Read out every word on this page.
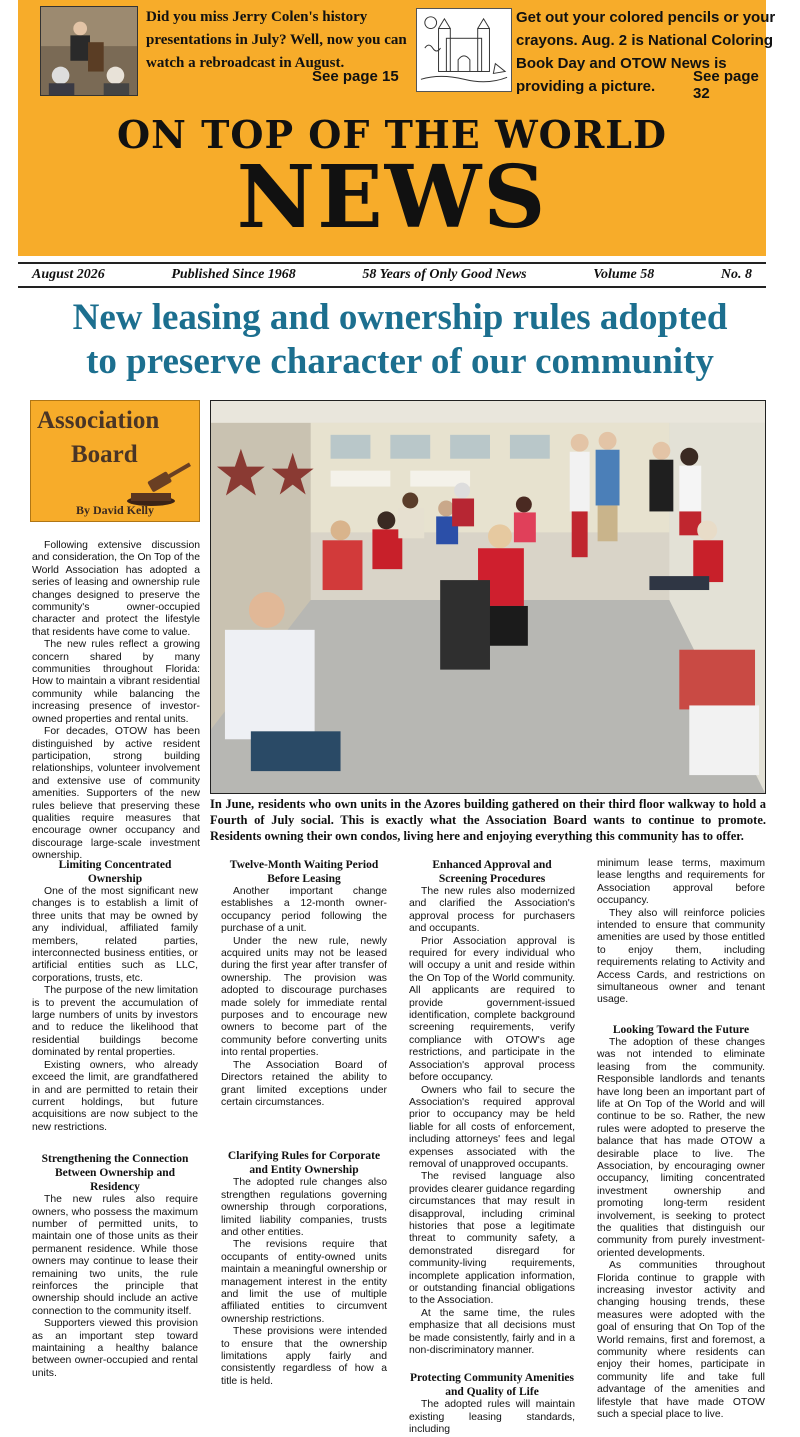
Did you miss Jerry Colen's history presentations in July? Well, now you can watch a rebroadcast in August.
See page 15
Get out your colored pencils or your crayons. Aug. 2 is National Coloring Book Day and OTOW News is providing a picture.
See page 32
ON TOP OF THE WORLD
NEWS
August 2026	Published Since 1968	58 Years of Only Good News	Volume 58	No. 8
New leasing and ownership rules adopted
to preserve character of our community
Association
Board
By David Kelly
In June, residents who own units in the Azores building gathered on their third floor walkway to hold a Fourth of July social. This is exactly what the Association Board wants to continue to promote. Residents owning their own condos, living here and enjoying everything this community has to offer.

Following extensive discussion and consideration, the On Top of the World Association has adopted a series of leasing and ownership rule changes designed to preserve the community's owner-occupied character and protect the lifestyle that residents have come to value.

The new rules reflect a growing concern shared by many communities throughout Florida: How to maintain a vibrant residential community while balancing the increasing presence of investor-owned properties and rental units.

For decades, OTOW has been distinguished by active resident participation, strong building relationships, volunteer involvement and extensive use of community amenities. Supporters of the new rules believe that preserving these qualities require measures that encourage owner occupancy and discourage large-scale investment ownership.

Limiting Concentrated Ownership

One of the most significant new changes is to establish a limit of three units that may be owned by any individual, affiliated family members, related parties, interconnected business entities, or artificial entities such as LLC, corporations, trusts, etc.

The purpose of the new limitation is to prevent the accumulation of large numbers of units by investors and to reduce the likelihood that residential buildings become dominated by rental properties.

Existing owners, who already exceed the limit, are grandfathered in and are permitted to retain their current holdings, but future acquisitions are now subject to the new restrictions.

Strengthening the Connection Between Ownership and Residency

The new rules also require owners, who possess the maximum number of permitted units, to maintain one of those units as their permanent residence. While those owners may continue to lease their remaining two units, the rule reinforces the principle that ownership should include an active connection to the community itself.

Supporters viewed this provision as an important step toward maintaining a healthy balance between owner-occupied and rental units.

Twelve-Month Waiting Period Before Leasing

Another important change establishes a 12-month owner-occupancy period following the purchase of a unit.

Under the new rule, newly acquired units may not be leased during the first year after transfer of ownership. The provision was adopted to discourage purchases made solely for immediate rental purposes and to encourage new owners to become part of the community before converting units into rental properties.

The Association Board of Directors retained the ability to grant limited exceptions under certain circumstances.

Clarifying Rules for Corporate and Entity Ownership

The adopted rule changes also strengthen regulations governing ownership through corporations, limited liability companies, trusts and other entities.

The revisions require that occupants of entity-owned units maintain a meaningful ownership or management interest in the entity and limit the use of multiple affiliated entities to circumvent ownership restrictions.

These provisions were intended to ensure that the ownership limitations apply fairly and consistently regardless of how a title is held.

Enhanced Approval and Screening Procedures

The new rules also modernized and clarified the Association's approval process for purchasers and occupants.

Prior Association approval is required for every individual who will occupy a unit and reside within the On Top of the World community. All applicants are required to provide government-issued identification, complete background screening requirements, verify compliance with OTOW's age restrictions, and participate in the Association's approval process before occupancy.

Owners who fail to secure the Association's required approval prior to occupancy may be held liable for all costs of enforcement, including attorneys' fees and legal expenses associated with the removal of unapproved occupants.

The revised language also provides clearer guidance regarding circumstances that may result in disapproval, including criminal histories that pose a legitimate threat to community safety, a demonstrated disregard for community-living requirements, incomplete application information, or outstanding financial obligations to the Association.

At the same time, the rules emphasize that all decisions must be made consistently, fairly and in a non-discriminatory manner.

Protecting Community Amenities and Quality of Life

The adopted rules will maintain existing leasing standards, including

minimum lease terms, maximum lease lengths and requirements for Association approval before occupancy.

They also will reinforce policies intended to ensure that community amenities are used by those entitled to enjoy them, including requirements relating to Activity and Access Cards, and restrictions on simultaneous owner and tenant usage.

Looking Toward the Future

The adoption of these changes was not intended to eliminate leasing from the community. Responsible landlords and tenants have long been an important part of life at On Top of the World and will continue to be so. Rather, the new rules were adopted to preserve the balance that has made OTOW a desirable place to live. The Association, by encouraging owner occupancy, limiting concentrated investment ownership and promoting long-term resident involvement, is seeking to protect the qualities that distinguish our community from purely investment-oriented developments.

As communities throughout Florida continue to grapple with increasing investor activity and changing housing trends, these measures were adopted with the goal of ensuring that On Top of the World remains, first and foremost, a community where residents can enjoy their homes, participate in community life and take full advantage of the amenities and lifestyle that have made OTOW such a special place to live.
